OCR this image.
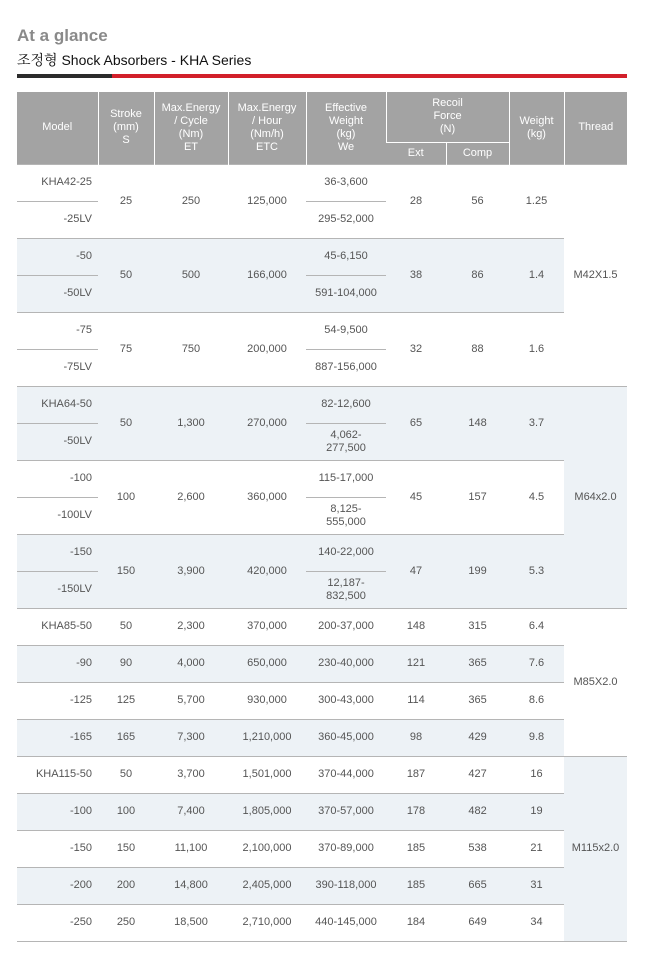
At a glance
조정형 Shock Absorbers - KHA Series
Model	Stroke
(mm)
S	Max.Energy
/ Cycle
(Nm)
ET	Max.Energy
/ Hour
(Nm/h)
ETC	Effective
Weight
(kg)
We	Recoil
Force
(N)		Weight
(kg)	Thread
					Ext	Comp		
KHA42-25	25	250	125,000	36-3,600	28	56	1.25	M42X1.5
-25LV				295-52,000				
-50	50	500	166,000	45-6,150	38	86	1.4	
-50LV				591-104,000				
-75	75	750	200,000	54-9,500	32	88	1.6	
-75LV				887-156,000				
KHA64-50	50	1,300	270,000	82-12,600	65	148	3.7	M64x2.0
-50LV				4,062-
277,500				
-100	100	2,600	360,000	115-17,000	45	157	4.5	
-100LV				8,125-
555,000				
-150	150	3,900	420,000	140-22,000	47	199	5.3	
-150LV				12,187-
832,500				
KHA85-50	50	2,300	370,000	200-37,000	148	315	6.4	M85X2.0
-90	90	4,000	650,000	230-40,000	121	365	7.6	
-125	125	5,700	930,000	300-43,000	114	365	8.6	
-165	165	7,300	1,210,000	360-45,000	98	429	9.8	
KHA115-50	50	3,700	1,501,000	370-44,000	187	427	16	M115x2.0
-100	100	7,400	1,805,000	370-57,000	178	482	19	
-150	150	11,100	2,100,000	370-89,000	185	538	21	
-200	200	14,800	2,405,000	390-118,000	185	665	31	
-250	250	18,500	2,710,000	440-145,000	184	649	34	
